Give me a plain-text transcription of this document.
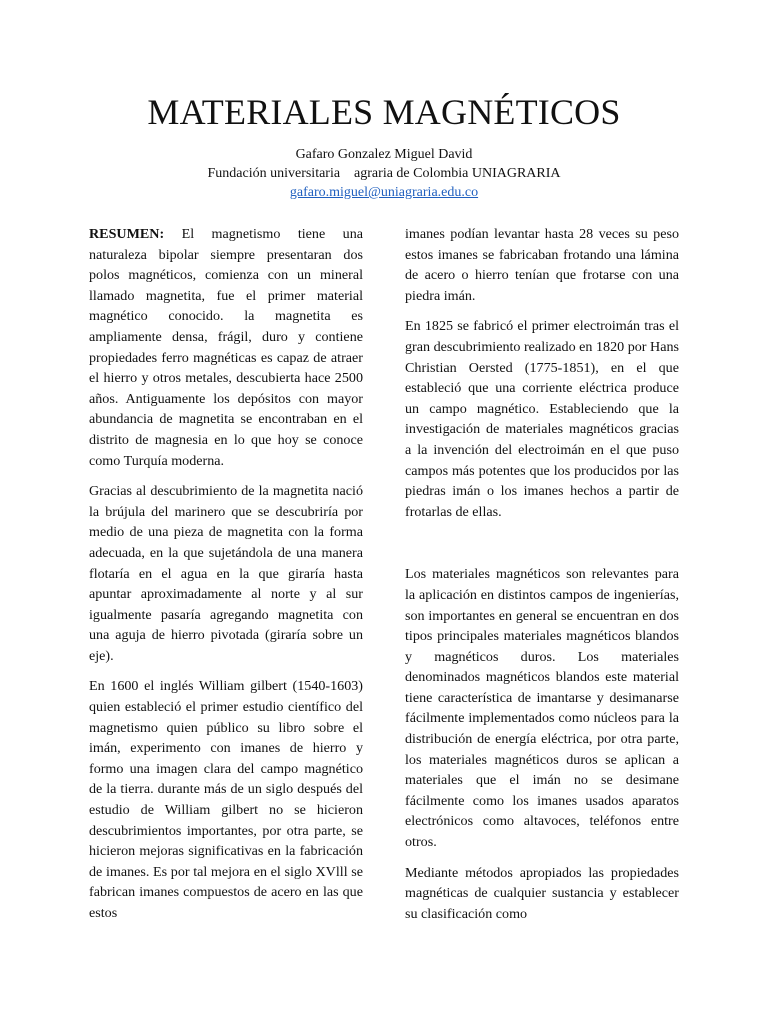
MATERIALES MAGNÉTICOS
Gafaro Gonzalez Miguel David
Fundación universitaria    agraria de Colombia UNIAGRARIA
gafaro.miguel@uniagraria.edu.co

RESUMEN: El magnetismo tiene una naturaleza bipolar siempre presentaran dos polos magnéticos, comienza con un mineral llamado magnetita, fue el primer material magnético conocido. la magnetita es ampliamente densa, frágil, duro y contiene propiedades ferro magnéticas es capaz de atraer el hierro y otros metales, descubierta hace 2500 años. Antiguamente los depósitos con mayor abundancia de magnetita se encontraban en el distrito de magnesia en lo que hoy se conoce como Turquía moderna.

Gracias al descubrimiento de la magnetita nació la brújula del marinero que se descubriría por medio de una pieza de magnetita con la forma adecuada, en la que sujetándola de una manera flotaría en el agua en la que giraría hasta apuntar aproximadamente al norte y al sur igualmente pasaría agregando magnetita con una aguja de hierro pivotada (giraría sobre un eje).

En 1600 el inglés William gilbert (1540-1603) quien estableció el primer estudio científico del magnetismo quien público su libro sobre el imán, experimento con imanes de hierro y formo una imagen clara del campo magnético de la tierra. durante más de un siglo después del estudio de William gilbert no se hicieron descubrimientos importantes, por otra parte, se hicieron mejoras significativas en la fabricación de imanes. Es por tal mejora en el siglo XVlll se fabrican imanes compuestos de acero en las que estos

imanes podían levantar hasta 28 veces su peso estos imanes se fabricaban frotando una lámina de acero o hierro tenían que frotarse con una piedra imán.

En 1825 se fabricó el primer electroimán tras el gran descubrimiento realizado en 1820 por Hans Christian Oersted (1775-1851), en el que estableció que una corriente eléctrica produce un campo magnético. Estableciendo que la investigación de materiales magnéticos gracias a la invención del electroimán en el que puso campos más potentes que los producidos por las piedras imán o los imanes hechos a partir de frotarlas de ellas.

Los materiales magnéticos son relevantes para la aplicación en distintos campos de ingenierías, son importantes en general se encuentran en dos tipos principales materiales magnéticos blandos y magnéticos duros. Los materiales denominados magnéticos blandos este material tiene característica de imantarse y desimanarse fácilmente implementados como núcleos para la distribución de energía eléctrica, por otra parte, los materiales magnéticos duros se aplican a materiales que el imán no se desimane fácilmente como los imanes usados aparatos electrónicos como altavoces, teléfonos entre otros.

Mediante métodos apropiados las propiedades magnéticas de cualquier sustancia y establecer su clasificación como
